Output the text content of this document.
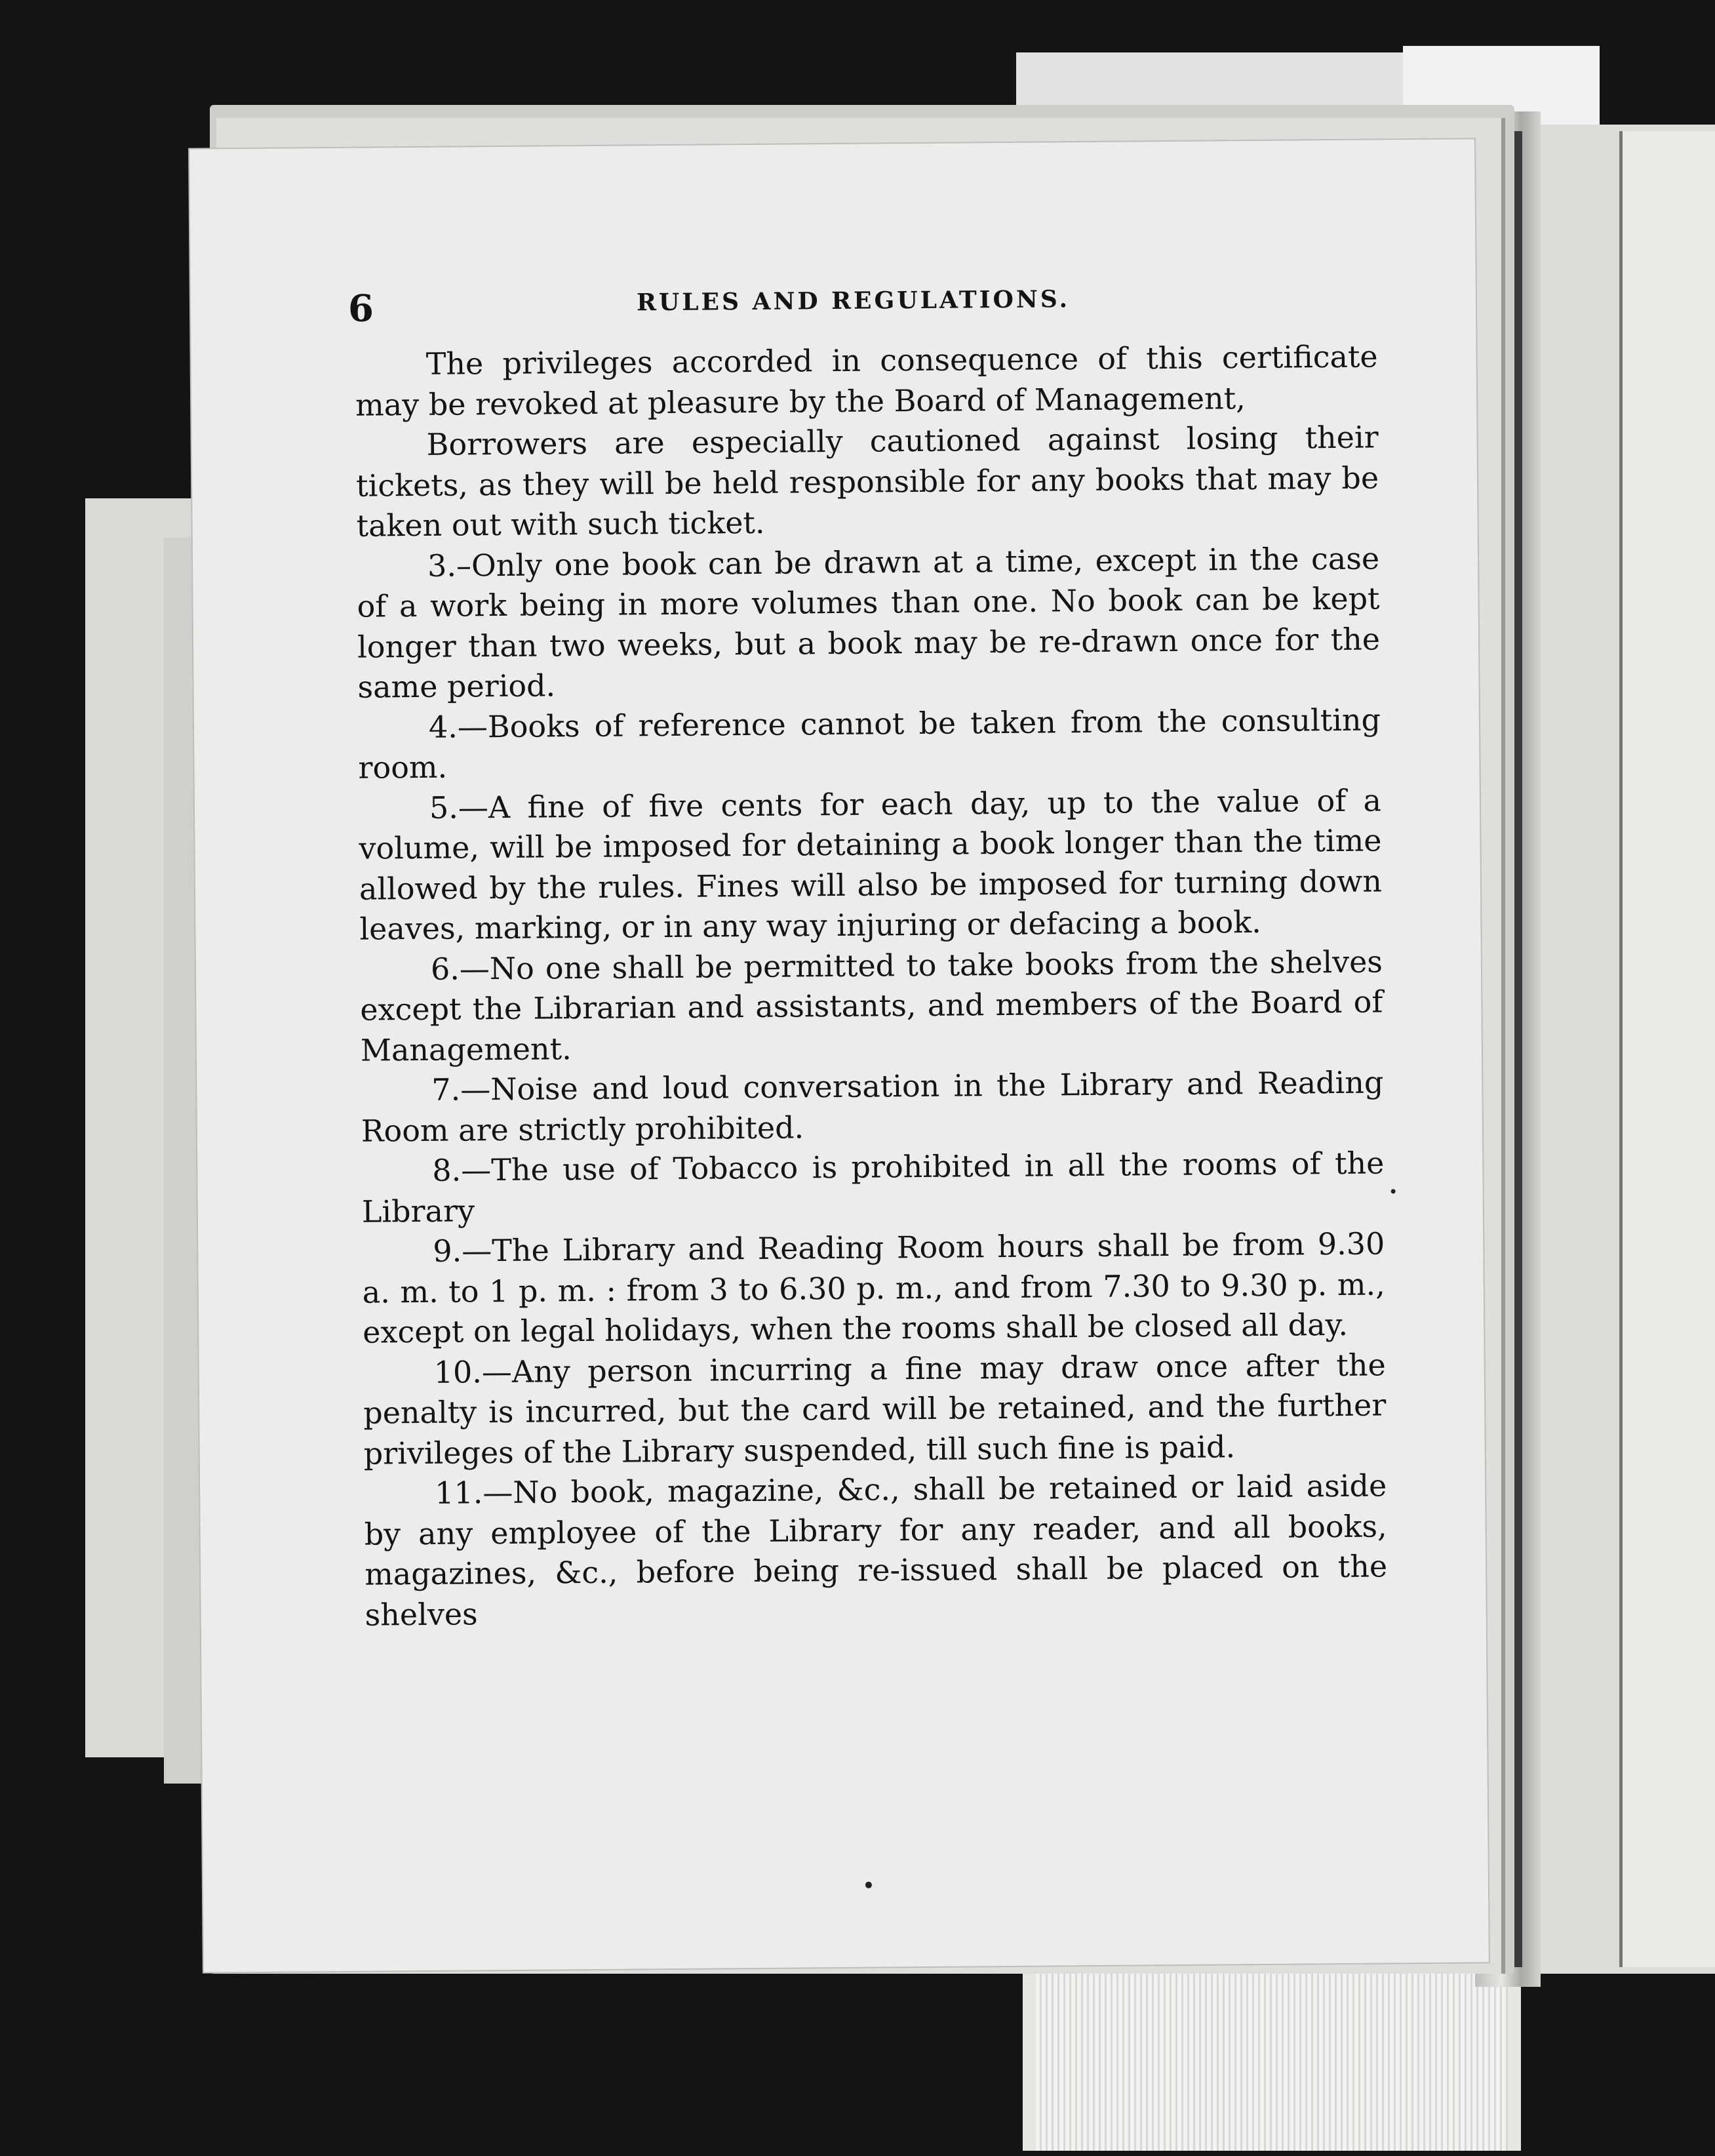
6	RULES AND REGULATIONS.

The privileges accorded in consequence of this certificate may be revoked at pleasure by the Board of Management,

Borrowers are especially cautioned against losing their tickets, as they will be held responsible for any books that may be taken out with such ticket.

3.–Only one book can be drawn at a time, except in the case of a work being in more volumes than one. No book can be kept longer than two weeks, but a book may be re-drawn once for the same period.

4.—Books of reference cannot be taken from the consulting room.

5.—A fine of five cents for each day, up to the value of a volume, will be imposed for detaining a book longer than the time allowed by the rules. Fines will also be imposed for turning down leaves, marking, or in any way injuring or defacing a book.

6.—No one shall be permitted to take books from the shelves except the Librarian and assistants, and members of the Board of Management.

7.—Noise and loud conversation in the Library and Reading Room are strictly prohibited.

8.—The use of Tobacco is prohibited in all the rooms of the Library

9.—The Library and Reading Room hours shall be from 9.30 a. m. to 1 p. m. : from 3 to 6.30 p. m., and from 7.30 to 9.30 p. m., except on legal holidays, when the rooms shall be closed all day.

10.—Any person incurring a fine may draw once after the penalty is incurred, but the card will be retained, and the further privileges of the Library suspended, till such fine is paid.

11.—No book, magazine, &c., shall be retained or laid aside by any employee of the Library for any reader, and all books, magazines, &c., before being re-issued shall be placed on the shelves
